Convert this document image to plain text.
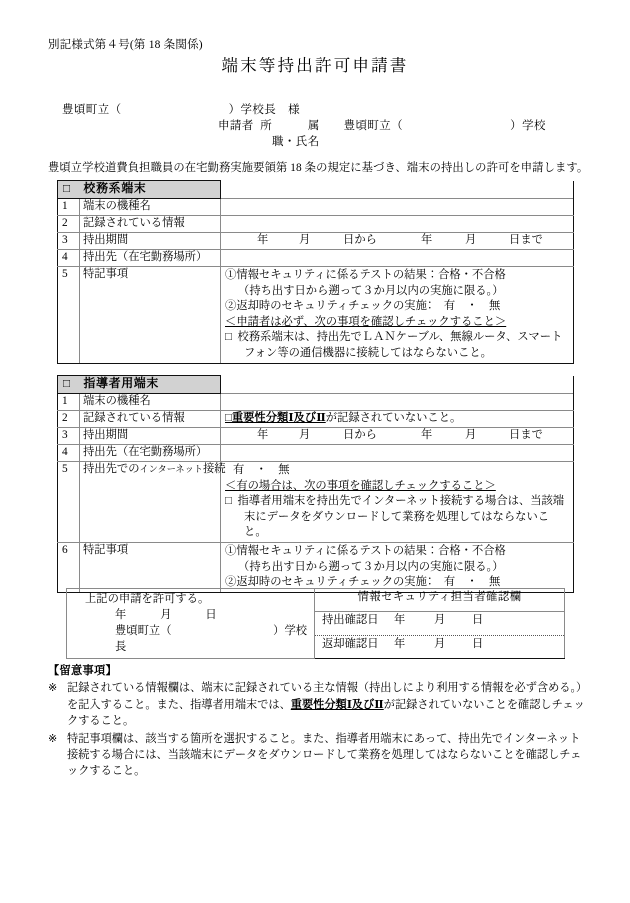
別記様式第４号(第 18 条関係)
端末等持出許可申請書
豊頃町立（　　　　　　　　　）学校長　様
申請者 所　　　属　　豊頃町立（　　　　　　　　　）学校
職・氏名
豊頃立学校道費負担職員の在宅勤務実施要領第 18 条の規定に基づき、端末の持出しの許可を申請します。
□　校務系端末		
1	端末の機種名	
2	記録されている情報	
3	持出期間	年 月 日から 年 月 日まで
4	持出先（在宅勤務場所）	
5	特記事項	①情報セキュリティに係るテストの結果：合格・不合格
（持ち出す日から遡って３か月以内の実施に限る。）
②返却時のセキュリティチェックの実施：　有　・　無
＜申請者は必ず、次の事項を確認しチェックすること＞
□ 校務系端末は、持出先でＬＡＮケーブル、無線ルータ、スマートフォン等の通信機器に接続してはならないこと。
□　指導者用端末		
1	端末の機種名	
2	記録されている情報	□重要性分類Ⅰ及びⅡが記録されていないこと。
3	持出期間	年 月 日から 年 月 日まで
4	持出先（在宅勤務場所）	
5	持出先でのインターネット接続	有　・　無
＜有の場合は、次の事項を確認しチェックすること＞
□ 指導者用端末を持出先でインターネット接続する場合は、当該端末にデータをダウンロードして業務を処理してはならないこと。

6	特記事項	①情報セキュリティに係るテストの結果：合格・不合格
（持ち出す日から遡って３か月以内の実施に限る。）
②返却時のセキュリティチェックの実施：　有　・　無
上記の申請を許可する。
年　　　月　　　日
豊頃町立（　　　　　　　　　）学校長
	情報セキュリティ担当者確認欄
持出確認日 年	月 日
返却確認日 年	月 日
【留意事項】
※ 記録されている情報欄は、端末に記録されている主な情報（持出しにより利用する情報を必ず含める。）を記入すること。また、指導者用端末では、重要性分類Ⅰ及びⅡが記録されていないことを確認しチェックすること。
※ 特記事項欄は、該当する箇所を選択すること。また、指導者用端末にあって、持出先でインターネット接続する場合には、当該端末にデータをダウンロードして業務を処理してはならないことを確認しチェックすること。
